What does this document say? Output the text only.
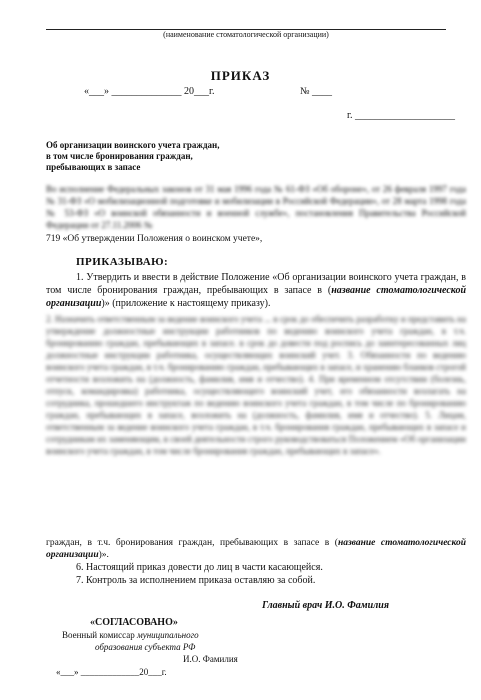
(наименование стоматологической организации)
ПРИКАЗ
«___» ______________ 20___г.	№ ____
г. ____________________
Об организации воинского учета граждан,
в том числе бронирования граждан,
пребывающих в запасе
Во исполнение Федеральных законов от 31 мая 1996 года № 61-ФЗ «Об обороне», от 26 февраля 1997 года № 31-ФЗ «О мобилизационной подготовке и мобилизации в Российской Федерации», от 28 марта 1998 года № 53-ФЗ «О воинской обязанности и военной службе», постановления Правительства Российской Федерации от 27.11.2006 №
719 «Об утверждении Положения о воинском учете»,
ПРИКАЗЫВАЮ:
1. Утвердить и ввести в действие Положение «Об организации воинского учета граждан, в том числе бронирования граждан, пребывающих в запасе в (название стоматологической организации)» (приложение к настоящему приказу).
2. Назначить ответственным за ведение воинского учета ... в срок до обеспечить разработку и представить на утверждение должностные инструкции работников по ведению воинского учета граждан, в т.ч. бронированию граждан, пребывающих в запасе. в срок до довести под роспись до заинтересованных лиц должностные инструкции работника, осуществляющих воинский учет. 3. Обязанности по ведению воинского учета граждан, в т.ч. бронированию граждан, пребывающих в запасе, и хранению бланков строгой отчетности возложить на (должность, фамилия, имя и отчество). 4. При временном отсутствии (болезнь, отпуск, командировка) работника, осуществляющего воинский учет, его обязанности возлагать на сотрудника, прошедшего инструктаж по ведению воинского учета граждан, в том числе по бронированию граждан, пребывающих в запасе, возложить на (должность, фамилия, имя и отчество). 5. Лицам, ответственным за ведение воинского учета граждан, в т.ч. бронирования граждан, пребывающих в запасе и сотрудникам их заменяющим, в своей деятельности строго руководствоваться Положением «Об организации воинского учета граждан, в том числе бронирования граждан, пребывающих в запасе».
граждан, в т.ч. бронирования граждан, пребывающих в запасе в (название стоматологической организации)».
6. Настоящий приказ довести до лиц в части касающейся.
7. Контроль за исполнением приказа оставляю за собой.
Главный врач И.О. Фамилия
«СОГЛАСОВАНО»
Военный комиссар муниципального
образования субъекта РФ
И.О. Фамилия
«___» _____________20___г.
